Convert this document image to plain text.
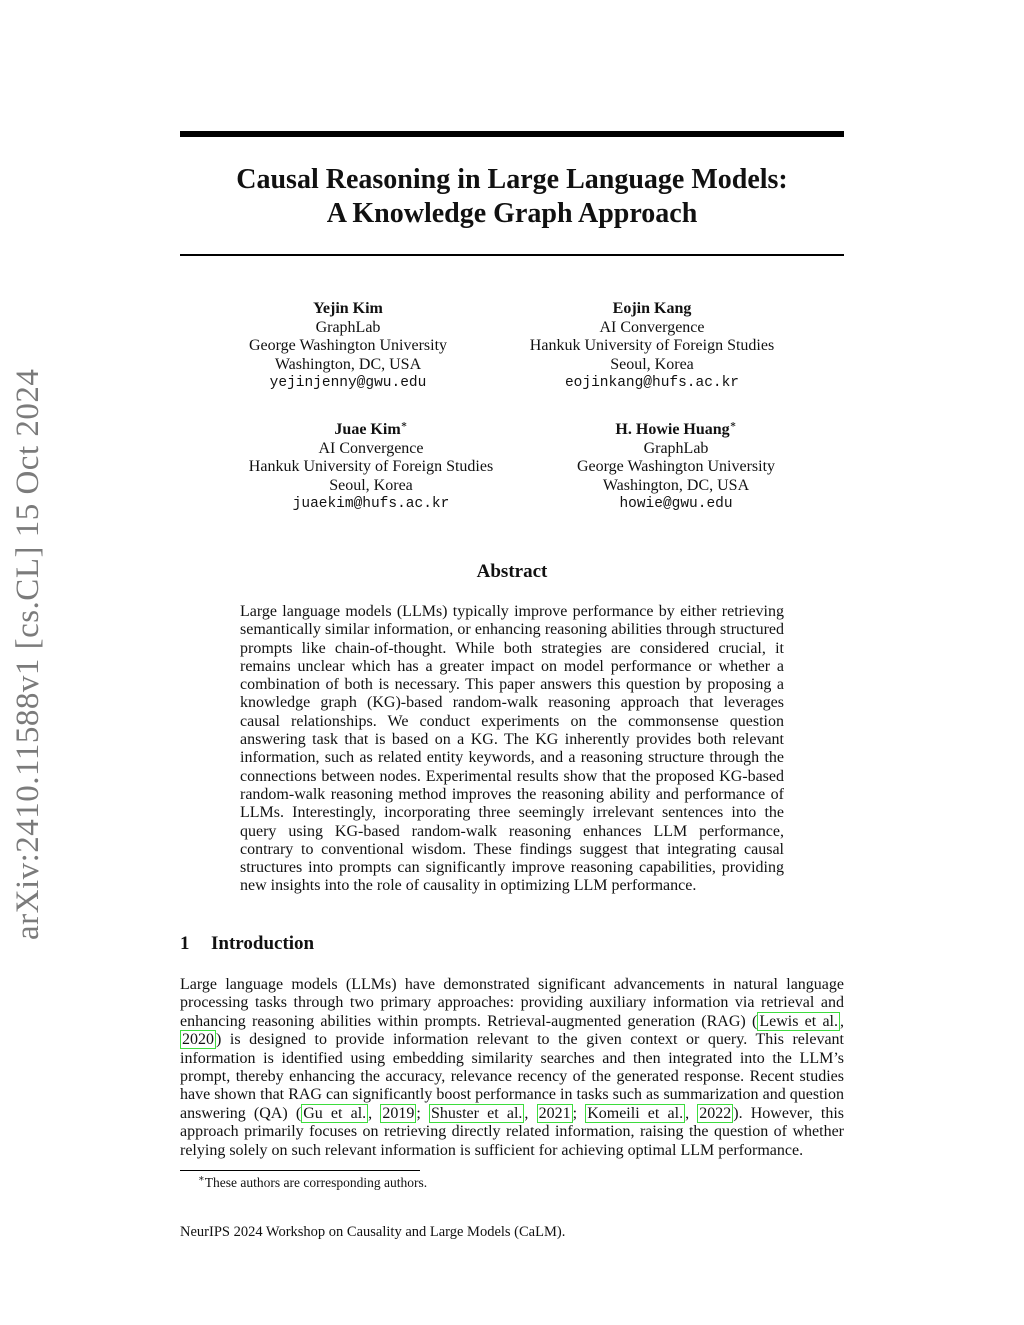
arXiv:2410.11588v1 [cs.CL] 15 Oct 2024
Causal Reasoning in Large Language Models:
A Knowledge Graph Approach
Yejin Kim
GraphLab
George Washington University
Washington, DC, USA
yejinjenny@gwu.edu
Eojin Kang
AI Convergence
Hankuk University of Foreign Studies
Seoul, Korea
eojinkang@hufs.ac.kr
Juae Kim∗
AI Convergence
Hankuk University of Foreign Studies
Seoul, Korea
juaekim@hufs.ac.kr
H. Howie Huang∗
GraphLab
George Washington University
Washington, DC, USA
howie@gwu.edu
Abstract
Large language models (LLMs) typically improve performance by either retrieving semantically similar information, or enhancing reasoning abilities through structured prompts like chain-of-thought. While both strategies are considered crucial, it remains unclear which has a greater impact on model performance or whether a combination of both is necessary. This paper answers this question by proposing a knowledge graph (KG)-based random-walk reasoning approach that leverages causal relationships. We conduct experiments on the commonsense question answering task that is based on a KG. The KG inherently provides both relevant information, such as related entity keywords, and a reasoning structure through the connections between nodes. Experimental results show that the proposed KG-based random-walk reasoning method improves the reasoning ability and performance of LLMs. Interestingly, incorporating three seemingly irrelevant sentences into the query using KG-based random-walk reasoning enhances LLM performance, contrary to conventional wisdom. These findings suggest that integrating causal structures into prompts can significantly improve reasoning capabilities, providing new insights into the role of causality in optimizing LLM performance.
1 Introduction
Large language models (LLMs) have demonstrated significant advancements in natural language processing tasks through two primary approaches: providing auxiliary information via retrieval and enhancing reasoning abilities within prompts. Retrieval-augmented generation (RAG) ( Lewis et al. , 2020 ) is designed to provide information relevant to the given context or query. This relevant information is identified using embedding similarity searches and then integrated into the LLM’s prompt, thereby enhancing the accuracy, relevance recency of the generated response. Recent studies have shown that RAG can significantly boost performance in tasks such as summarization and question answering (QA) ( Gu et al. , 2019 ; Shuster et al. , 2021 ; Komeili et al. , 2022 ). However, this approach primarily focuses on retrieving directly related information, raising the question of whether relying solely on such relevant information is sufficient for achieving optimal LLM performance.
∗These authors are corresponding authors.
NeurIPS 2024 Workshop on Causality and Large Models (CaLM).
